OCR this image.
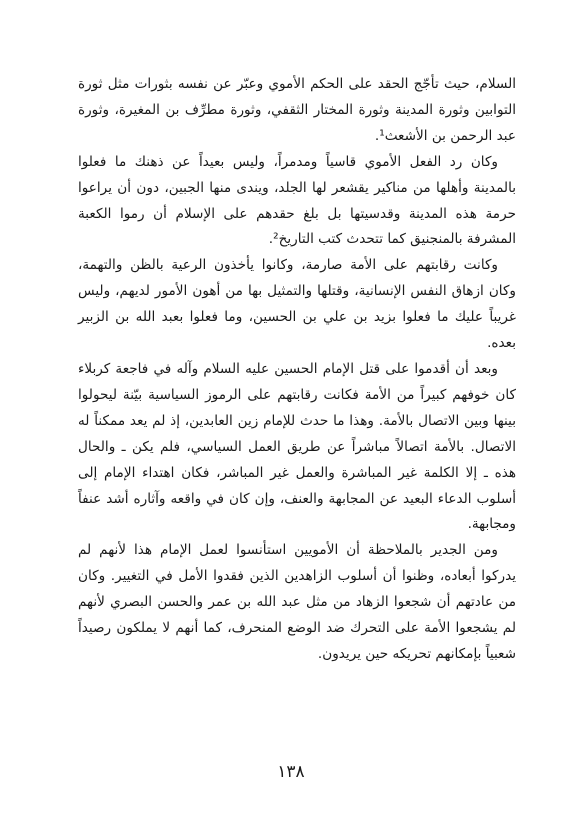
السلام، حيث تأجّج الحقد على الحكم الأموي وعبّر عن نفسه بثورات مثل ثورة التوابين وثورة المدينة وثورة المختار الثقفي، وثورة مطرِّف بن المغيرة، وثورة عبد الرحمن بن الأشعث¹.

وكان رد الفعل الأموي قاسياً ومدمراً، وليس بعيداً عن ذهنك ما فعلوا بالمدينة وأهلها من مناكير يقشعر لها الجلد، ويندى منها الجبين، دون أن يراعوا حرمة هذه المدينة وقدسيتها بل بلغ حقدهم على الإسلام أن رموا الكعبة المشرفة بالمنجنيق كما تتحدث كتب التاريخ².

وكانت رقابتهم على الأمة صارمة، وكانوا يأخذون الرعية بالظن والتهمة، وكان ازهاق النفس الإنسانية، وقتلها والتمثيل بها من أهون الأمور لديهم، وليس غريباً عليك ما فعلوا بزيد بن علي بن الحسين، وما فعلوا بعبد الله بن الزبير بعده.

وبعد أن أقدموا على قتل الإمام الحسين عليه السلام وآله في فاجعة كربلاء كان خوفهم كبيراً من الأمة فكانت رقابتهم على الرموز السياسية بيّنة ليحولوا بينها وبين الاتصال بالأمة. وهذا ما حدث للإمام زين العابدين، إذ لم يعد ممكناً له الاتصال. بالأمة اتصالاً مباشراً عن طريق العمل السياسي، فلم يكن ـ والحال هذه ـ إلا الكلمة غير المباشرة والعمل غير المباشر، فكان اهتداء الإمام إلى أسلوب الدعاء البعيد عن المجابهة والعنف، وإن كان في واقعه وآثاره أشد عنفاً ومجابهة.

ومن الجدير بالملاحظة أن الأمويين استأنسوا لعمل الإمام هذا لأنهم لم يدركوا أبعاده، وظنوا أن أسلوب الزاهدين الذين فقدوا الأمل في التغيير. وكان من عادتهم أن شجعوا الزهاد من مثل عبد الله بن عمر والحسن البصري لأنهم لم يشجعوا الأمة على التحرك ضد الوضع المنحرف، كما أنهم لا يملكون رصيداً شعبياً بإمكانهم تحريكه حين يريدون.

١٣٨
